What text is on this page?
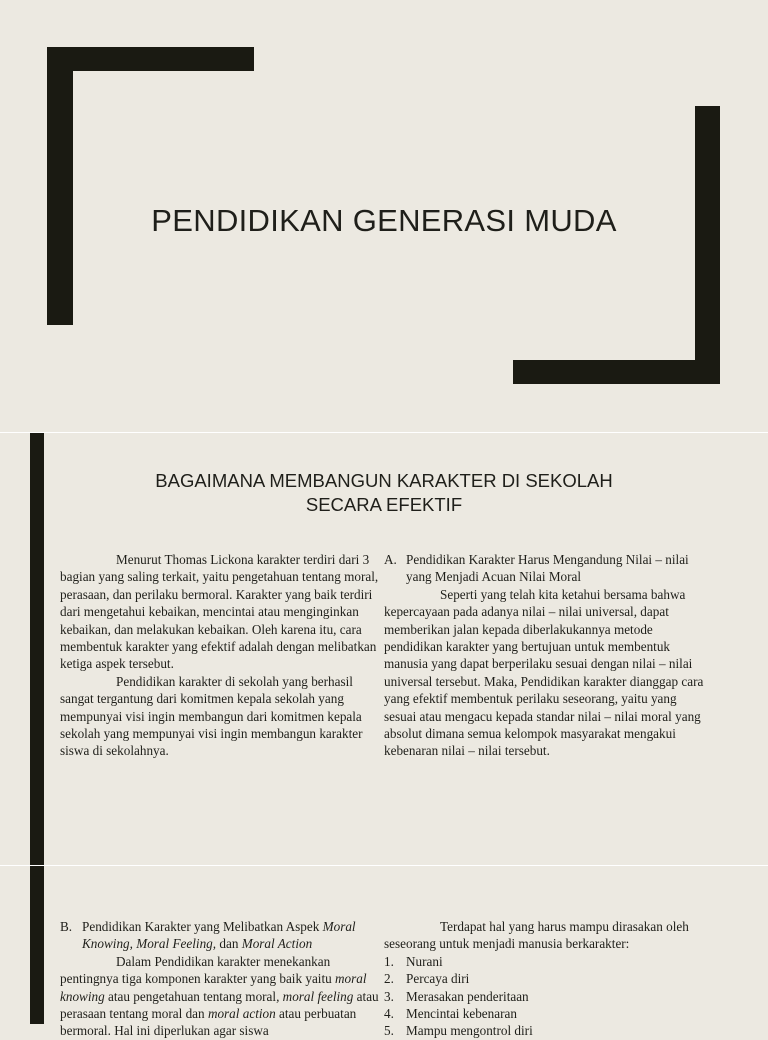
PENDIDIKAN GENERASI MUDA
BAGAIMANA MEMBANGUN KARAKTER DI SEKOLAH
SECARA EFEKTIF

Menurut Thomas Lickona karakter terdiri dari 3 bagian yang saling terkait, yaitu pengetahuan tentang moral, perasaan, dan perilaku bermoral. Karakter yang baik terdiri dari mengetahui kebaikan, mencintai atau menginginkan kebaikan, dan melakukan kebaikan. Oleh karena itu, cara membentuk karakter yang efektif adalah dengan melibatkan ketiga aspek tersebut.

Pendidikan karakter di sekolah yang berhasil sangat tergantung dari komitmen kepala sekolah yang mempunyai visi ingin membangun dari komitmen kepala sekolah yang mempunyai visi ingin membangun karakter siswa di sekolahnya.

A. Pendidikan Karakter Harus Mengandung Nilai – nilai yang Menjadi Acuan Nilai Moral

Seperti yang telah kita ketahui bersama bahwa kepercayaan pada adanya nilai – nilai universal, dapat memberikan jalan kepada diberlakukannya metode pendidikan karakter yang bertujuan untuk membentuk manusia yang dapat berperilaku sesuai dengan nilai – nilai universal tersebut. Maka, Pendidikan karakter dianggap cara yang efektif membentuk perilaku seseorang, yaitu yang sesuai atau mengacu kepada standar nilai – nilai moral yang absolut dimana semua kelompok masyarakat mengakui kebenaran nilai – nilai tersebut.

B. Pendidikan Karakter yang Melibatkan Aspek Moral Knowing, Moral Feeling, dan Moral Action

Dalam Pendidikan karakter menekankan pentingnya tiga komponen karakter yang baik yaitu moral knowing atau pengetahuan tentang moral, moral feeling atau perasaan tentang moral dan moral action atau perbuatan bermoral. Hal ini diperlukan agar siswa

Terdapat hal yang harus mampu dirasakan oleh seseorang untuk menjadi manusia berkarakter:

1. Nurani
2. Percaya diri
3. Merasakan penderitaan
4. Mencintai kebenaran
5. Mampu mengontrol diri
